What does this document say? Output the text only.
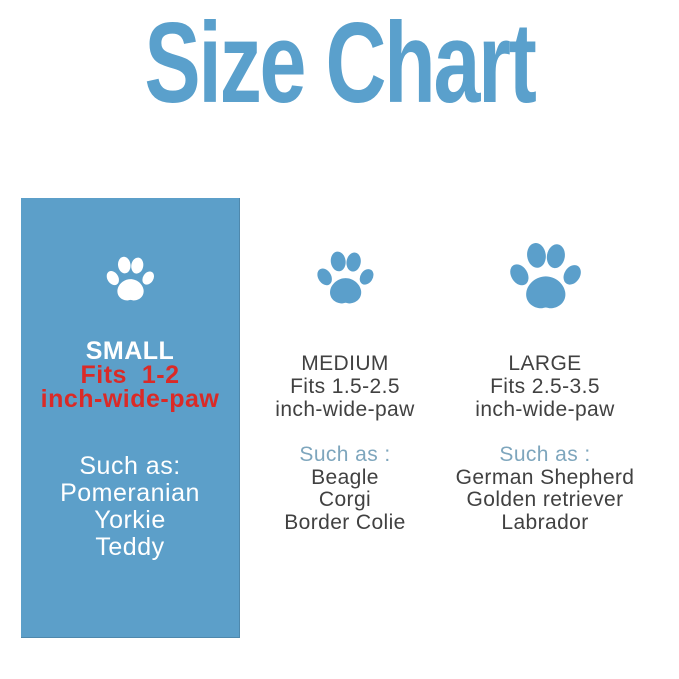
Size Chart
SMALL
Fits  1-2
inch-wide-paw
Such as:
Pomeranian
Yorkie
Teddy
MEDIUM
Fits 1.5-2.5
inch-wide-paw
Such as :
Beagle
Corgi
Border Colie
LARGE
Fits 2.5-3.5
inch-wide-paw
Such as :
German Shepherd
Golden retriever
Labrador
